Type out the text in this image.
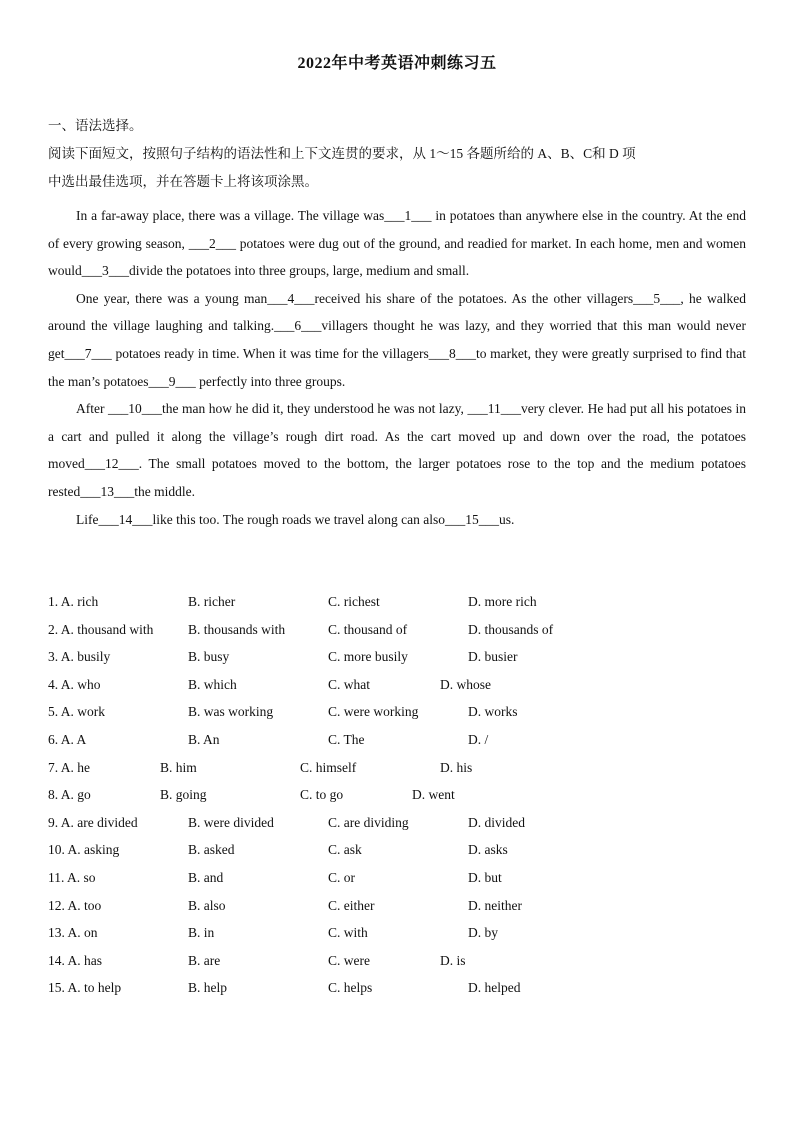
2022年中考英语冲刺练习五
一、语法选择。
阅读下面短文，按照句子结构的语法性和上下文连贯的要求，从 1～15 各题所给的 A、B、C和 D 项
中选出最佳选项，并在答题卡上将该项涂黑。

In a far-away place, there was a village. The village was___1___ in potatoes than anywhere else in the country. At the end of every growing season, ___2___ potatoes were dug out of the ground, and readied for market. In each home, men and women would___3___divide the potatoes into three groups, large, medium and small.

One year, there was a young man___4___received his share of the potatoes. As the other villagers___5___, he walked around the village laughing and talking.___6___villagers thought he was lazy, and they worried that this man would never get___7___ potatoes ready in time. When it was time for the villagers___8___to market, they were greatly surprised to find that the man’s potatoes___9___ perfectly into three groups.

After ___10___the man how he did it, they understood he was not lazy, ___11___very clever. He had put all his potatoes in a cart and pulled it along the village’s rough dirt road. As the cart moved up and down over the road, the potatoes moved___12___. The small potatoes moved to the bottom, the larger potatoes rose to the top and the medium potatoes rested___13___the middle.

Life___14___like this too. The rough roads we travel along can also___15___us.

1. A. rich	B. richer	C. richest	D. more rich
2. A. thousand with	B. thousands with	C. thousand of	D. thousands of
3. A. busily	B. busy	C. more busily	D. busier
4. A. who	B. which	C. what	D. whose
5. A. work	B. was working	C. were working	D. works
6. A. A	B. An	C. The	D. /
7. A. he	B. him	C. himself	D. his
8. A. go	B. going	C. to go	D. went
9. A. are divided	B. were divided	C. are dividing	D. divided
10. A. asking	B. asked	C. ask	D. asks
11. A. so	B. and	C. or	D. but
12. A. too	B. also	C. either	D. neither
13. A. on	B. in	C. with	D. by
14. A. has	B. are	C. were	D. is
15. A. to help	B. help	C. helps	D. helped
